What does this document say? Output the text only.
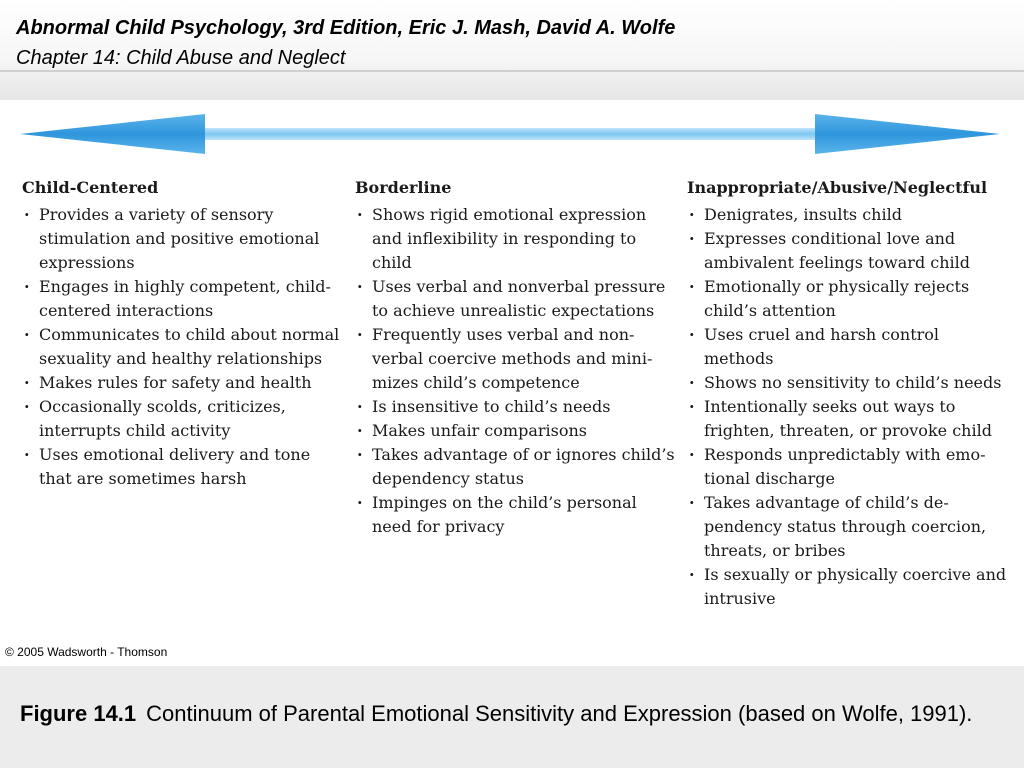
Abnormal Child Psychology, 3rd Edition, Eric J. Mash, David A. Wolfe
Chapter 14: Child Abuse and Neglect
Child-Centered
· Provides a variety of sensory stimulation and positive emotional expressions
· Engages in highly competent, child-centered interactions
· Communicates to child about normal sexuality and healthy relationships
· Makes rules for safety and health
· Occasionally scolds, criticizes, interrupts child activity
· Uses emotional delivery and tone that are sometimes harsh
Borderline
· Shows rigid emotional expression and inflexibility in responding to child
· Uses verbal and nonverbal pressure to achieve unrealistic expectations
· Frequently uses verbal and non-verbal coercive methods and mini-mizes child’s competence
· Is insensitive to child’s needs
· Makes unfair comparisons
· Takes advantage of or ignores child’s dependency status
· Impinges on the child’s personal need for privacy
Inappropriate/Abusive/Neglectful
· Denigrates, insults child
· Expresses conditional love and ambivalent feelings toward child
· Emotionally or physically rejects child’s attention
· Uses cruel and harsh control methods
· Shows no sensitivity to child’s needs
· Intentionally seeks out ways to frighten, threaten, or provoke child
· Responds unpredictably with emo-tional discharge
· Takes advantage of child’s de-pendency status through coercion, threats, or bribes
· Is sexually or physically coercive and intrusive
© 2005 Wadsworth - Thomson
Figure 14.1 Continuum of Parental Emotional Sensitivity and Expression (based on Wolfe, 1991).
